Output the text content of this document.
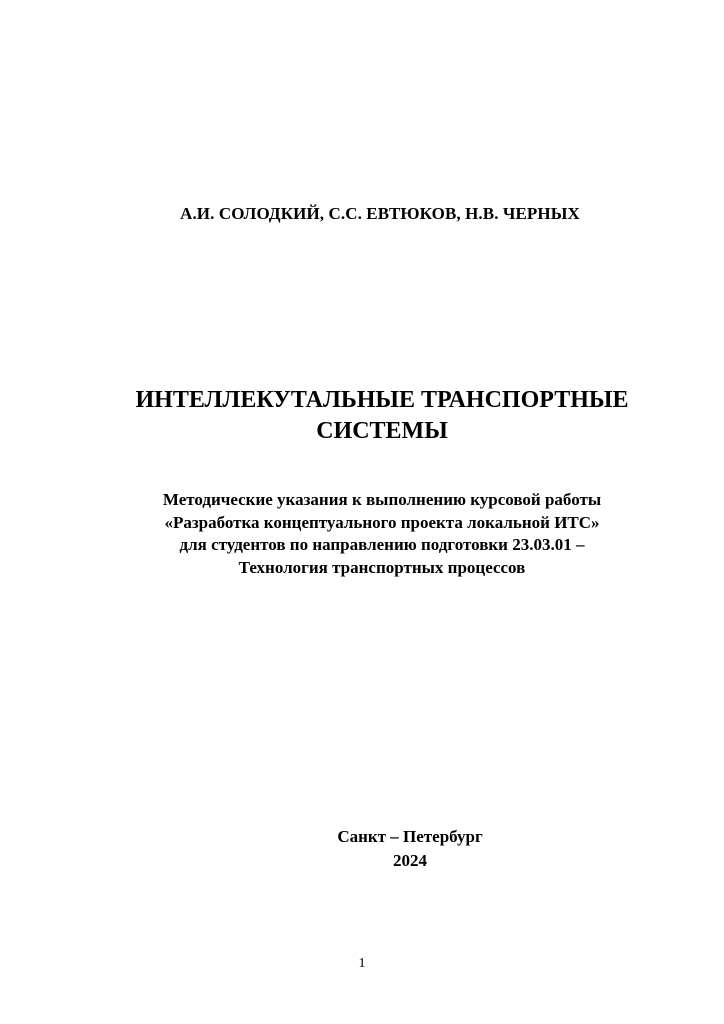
А.И. СОЛОДКИЙ, С.С. ЕВТЮКОВ, Н.В. ЧЕРНЫХ
ИНТЕЛЛЕКУТАЛЬНЫЕ ТРАНСПОРТНЫЕ
СИСТЕМЫ
Методические указания к выполнению курсовой работы
«Разработка концептуального проекта локальной ИТС»
для студентов по направлению подготовки 23.03.01 –
Технология транспортных процессов
Санкт – Петербург
2024
1
